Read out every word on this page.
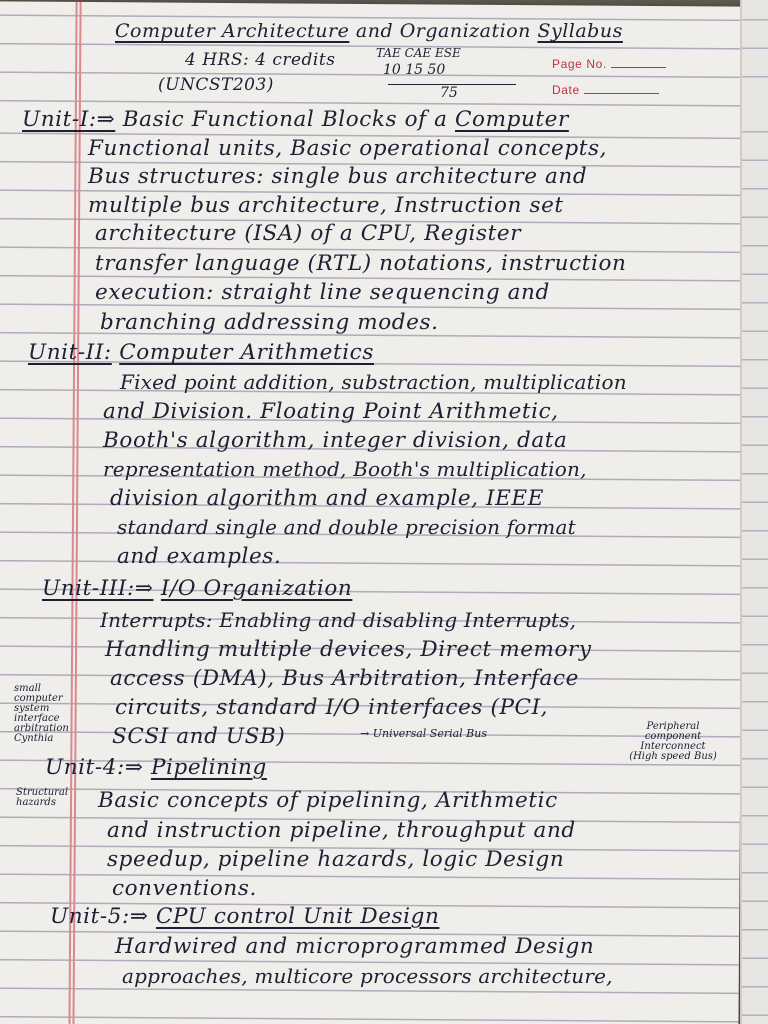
Computer Architecture and Organization Syllabus
4 HRS: 4 credits
(UNCST203)
TAE CAE ESE
10 15 50
75
Page No.
Date
Unit-I:⇒ Basic Functional Blocks of a Computer
Functional units, Basic operational concepts,
Bus structures: single bus architecture and
multiple bus architecture, Instruction set
architecture (ISA) of a CPU, Register
transfer language (RTL) notations, instruction
execution: straight line sequencing and
branching addressing modes.
Unit-II: Computer Arithmetics
Fixed point addition, substraction, multiplication
and Division. Floating Point Arithmetic,
Booth's algorithm, integer division, data
representation method, Booth's multiplication,
division algorithm and example, IEEE
standard single and double precision format
and examples.
Unit-III:⇒ I/O Organization
Interrupts: Enabling and disabling Interrupts,
Handling multiple devices, Direct memory
access (DMA), Bus Arbitration, Interface
circuits, standard I/O interfaces (PCI,
SCSI and USB)	→ Universal Serial Bus
Peripheral
component
Interconnect
(High speed Bus)
small
computer
system
interface
arbitration
Cynthia
Unit-4:⇒ Pipelining
Structural
hazards	Basic concepts of pipelining, Arithmetic
and instruction pipeline, throughput and
speedup, pipeline hazards, logic Design
conventions.
Unit-5:⇒ CPU control Unit Design
Hardwired and microprogrammed Design
approaches, multicore processors architecture,
